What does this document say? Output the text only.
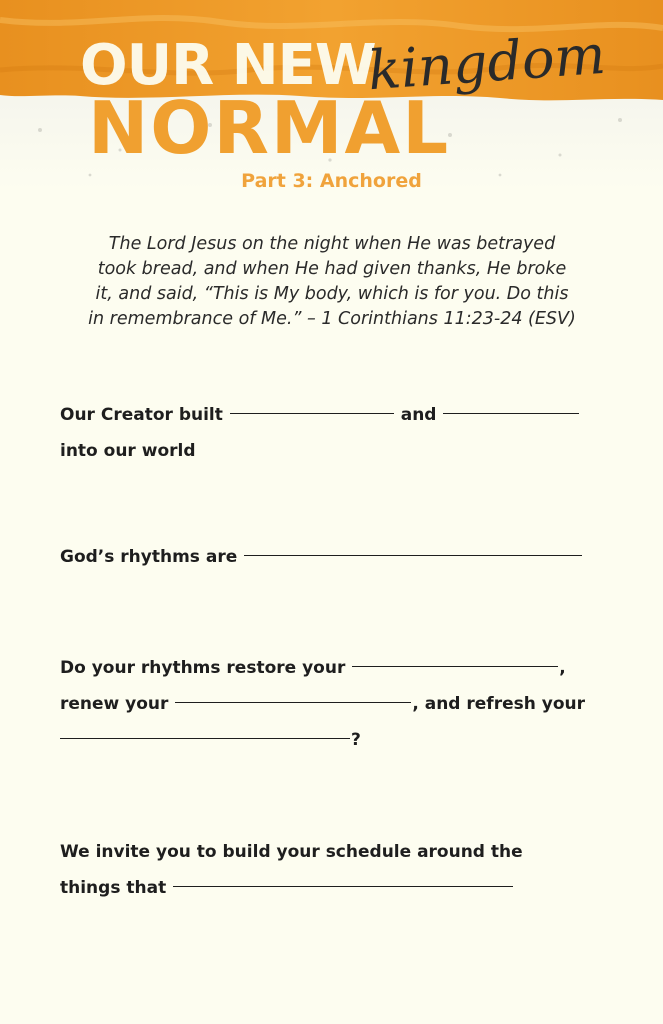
OUR NEW
kingdom
NORMAL
Part 3: Anchored
The Lord Jesus on the night when He was betrayed
took bread, and when He had given thanks, He broke
it, and said, “This is My body, which is for you. Do this
in remembrance of Me.” – 1 Corinthians 11:23-24 (ESV)
Our Creator built	and
into our world
God’s rhythms are
Do your rhythms restore your	,
renew your	, and refresh your
?
We invite you to build your schedule around the
things that
